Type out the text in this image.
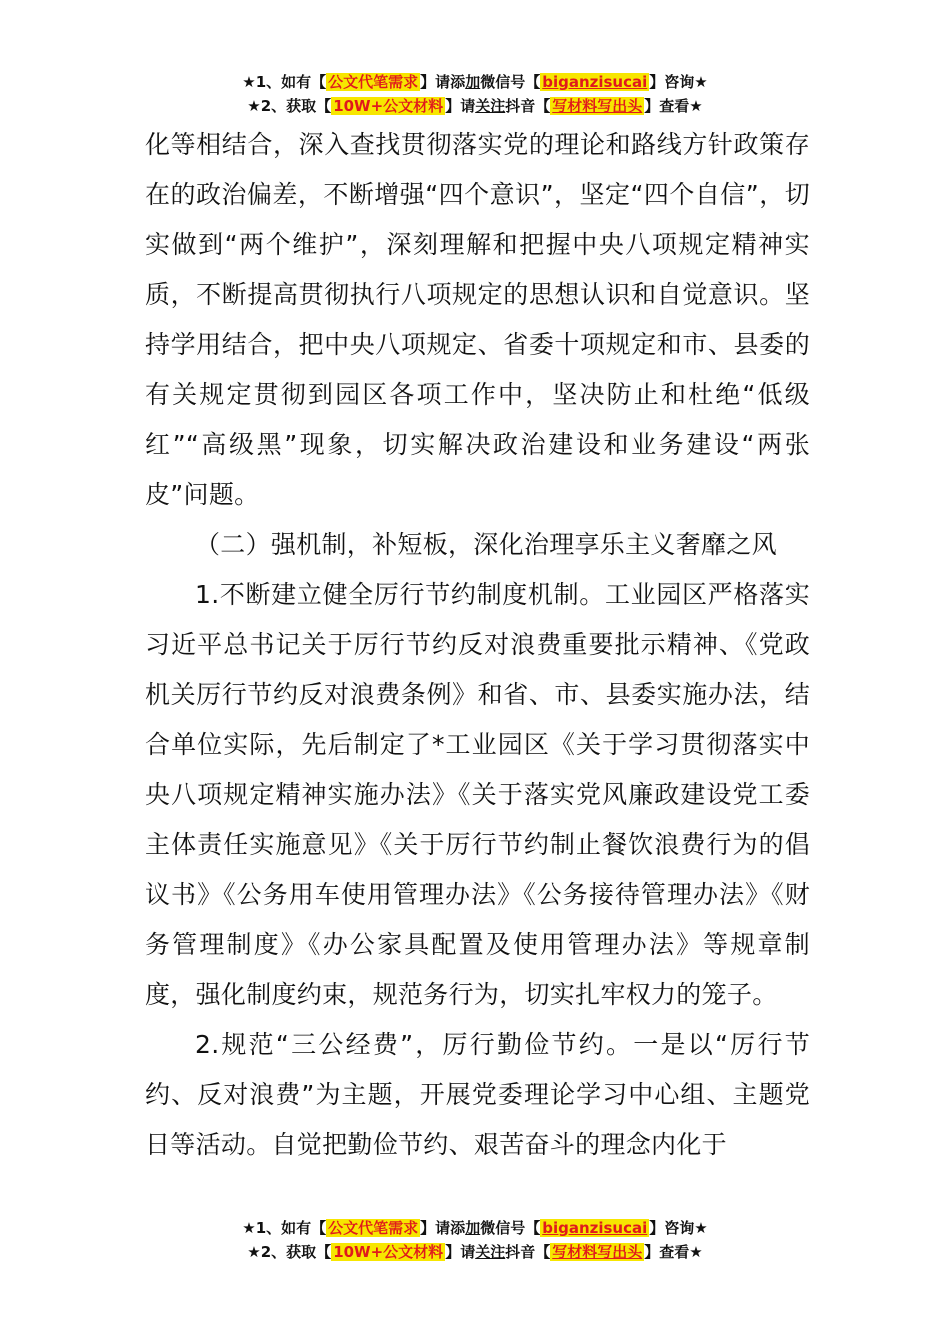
★1、如有【 公文代笔需求 】请添加微信号【 biganzisucai 】咨询★
★2、获取【 10W+公文材料 】请关注抖音【 写材料写出头 】查看★

化等相结合，深入查找贯彻落实党的理论和路线方针政策存在的政治偏差，不断增强“四个意识”，坚定“四个自信”，切实做到“两个维护”，深刻理解和把握中央八项规定精神实质，不断提高贯彻执行八项规定的思想认识和自觉意识。坚持学用结合，把中央八项规定、省委十项规定和市、县委的有关规定贯彻到园区各项工作中，坚决防止和杜绝“低级红”“高级黑”现象，切实解决政治建设和业务建设“两张皮”问题。

（二）强机制，补短板，深化治理享乐主义奢靡之风

1.不断建立健全厉行节约制度机制。工业园区严格落实习近平总书记关于厉行节约反对浪费重要批示精神、《党政机关厉行节约反对浪费条例》和省、市、县委实施办法，结合单位实际，先后制定了*工业园区《关于学习贯彻落实中央八项规定精神实施办法》《关于落实党风廉政建设党工委主体责任实施意见》《关于厉行节约制止餐饮浪费行为的倡议书》《公务用车使用管理办法》《公务接待管理办法》《财务管理制度》《办公家具配置及使用管理办法》等规章制度，强化制度约束，规范务行为，切实扎牢权力的笼子。

2.规范“三公经费”，厉行勤俭节约。一是以“厉行节约、反对浪费”为主题，开展党委理论学习中心组、主题党日等活动。自觉把勤俭节约、艰苦奋斗的理念内化于

★1、如有【 公文代笔需求 】请添加微信号【 biganzisucai 】咨询★
★2、获取【 10W+公文材料 】请关注抖音【 写材料写出头 】查看★
